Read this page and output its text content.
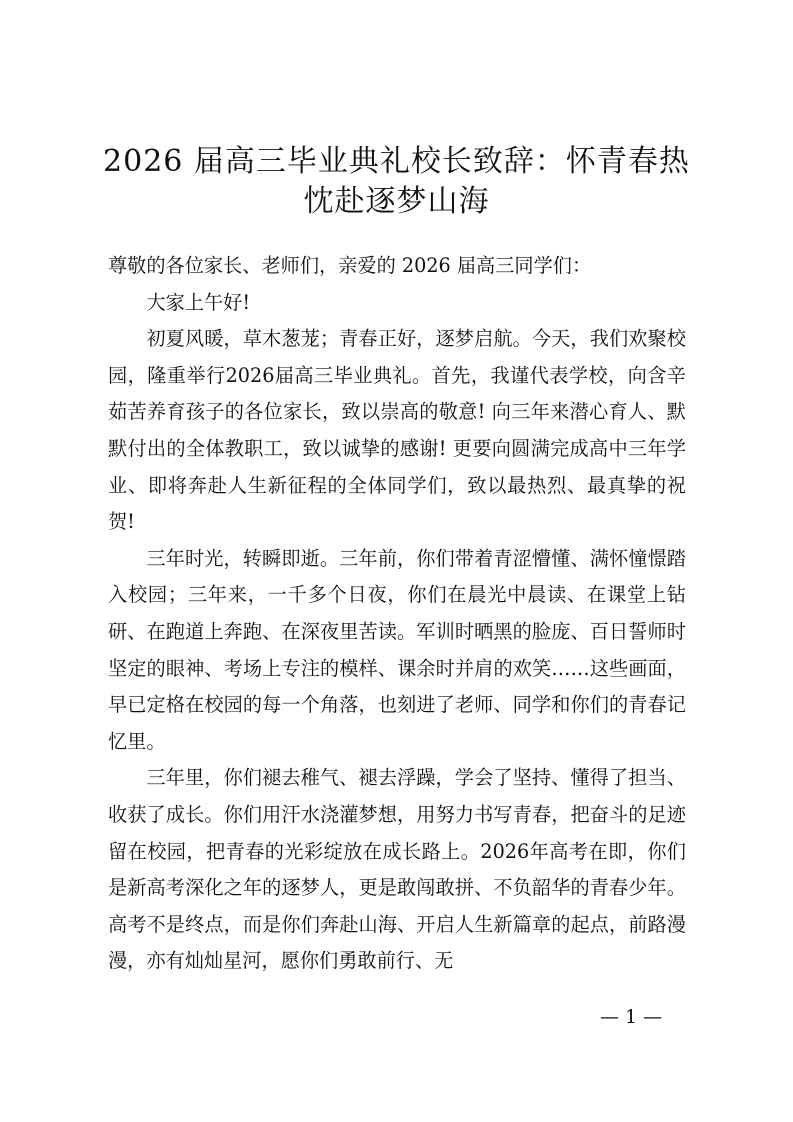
2026 届高三毕业典礼校长致辞：怀青春热
忱赴逐梦山海

尊敬的各位家长、老师们，亲爱的 2026 届高三同学们：

大家上午好!

初夏风暖，草木葱茏；青春正好，逐梦启航。今天，我们欢聚校园，隆重举行2026届高三毕业典礼。首先，我谨代表学校，向含辛茹苦养育孩子的各位家长，致以崇高的敬意! 向三年来潜心育人、默默付出的全体教职工，致以诚挚的感谢! 更要向圆满完成高中三年学业、即将奔赴人生新征程的全体同学们，致以最热烈、最真挚的祝贺!

三年时光，转瞬即逝。三年前，你们带着青涩懵懂、满怀憧憬踏入校园；三年来，一千多个日夜，你们在晨光中晨读、在课堂上钻研、在跑道上奔跑、在深夜里苦读。军训时晒黑的脸庞、百日誓师时坚定的眼神、考场上专注的模样、课余时并肩的欢笑……这些画面，早已定格在校园的每一个角落，也刻进了老师、同学和你们的青春记忆里。

三年里，你们褪去稚气、褪去浮躁，学会了坚持、懂得了担当、收获了成长。你们用汗水浇灌梦想，用努力书写青春，把奋斗的足迹留在校园，把青春的光彩绽放在成长路上。2026年高考在即，你们是新高考深化之年的逐梦人，更是敢闯敢拼、不负韶华的青春少年。高考不是终点，而是你们奔赴山海、开启人生新篇章的起点，前路漫漫，亦有灿灿星河，愿你们勇敢前行、无

— 1 —
